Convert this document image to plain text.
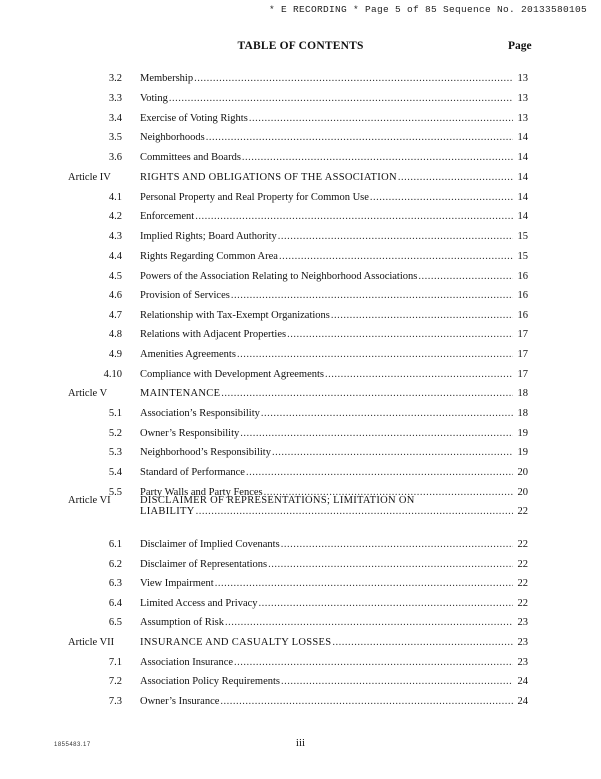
* E RECORDING * Page 5 of 85 Sequence No. 20133580105
TABLE OF CONTENTS	Page
3.2 Membership .....	13
3.3 Voting .....	13
3.4 Exercise of Voting Rights .....	13
3.5 Neighborhoods .....	14
3.6 Committees and Boards .....	14
Article IV	RIGHTS AND OBLIGATIONS OF THE ASSOCIATION .....	14
4.1 Personal Property and Real Property for Common Use .....	14
4.2 Enforcement .....	14
4.3 Implied Rights; Board Authority .....	15
4.4 Rights Regarding Common Area .....	15
4.5 Powers of the Association Relating to Neighborhood Associations .....	16
4.6 Provision of Services .....	16
4.7 Relationship with Tax-Exempt Organizations .....	16
4.8 Relations with Adjacent Properties .....	17
4.9 Amenities Agreements .....	17
4.10 Compliance with Development Agreements .....	17
Article V	MAINTENANCE .....	18
5.1 Association’s Responsibility .....	18
5.2 Owner’s Responsibility .....	19
5.3 Neighborhood’s Responsibility .....	19
5.4 Standard of Performance .....	20
5.5 Party Walls and Party Fences .....	20
Article VI	DISCLAIMER OF REPRESENTATIONS; LIMITATION ON
LIABILITY .....	22
6.1 Disclaimer of Implied Covenants .....	22
6.2 Disclaimer of Representations .....	22
6.3 View Impairment .....	22
6.4 Limited Access and Privacy .....	22
6.5 Assumption of Risk .....	23
Article VII INSURANCE AND CASUALTY LOSSES .....	23
7.1 Association Insurance .....	23
7.2 Association Policy Requirements .....	24
7.3 Owner’s Insurance .....	24
1855483.17	iii
